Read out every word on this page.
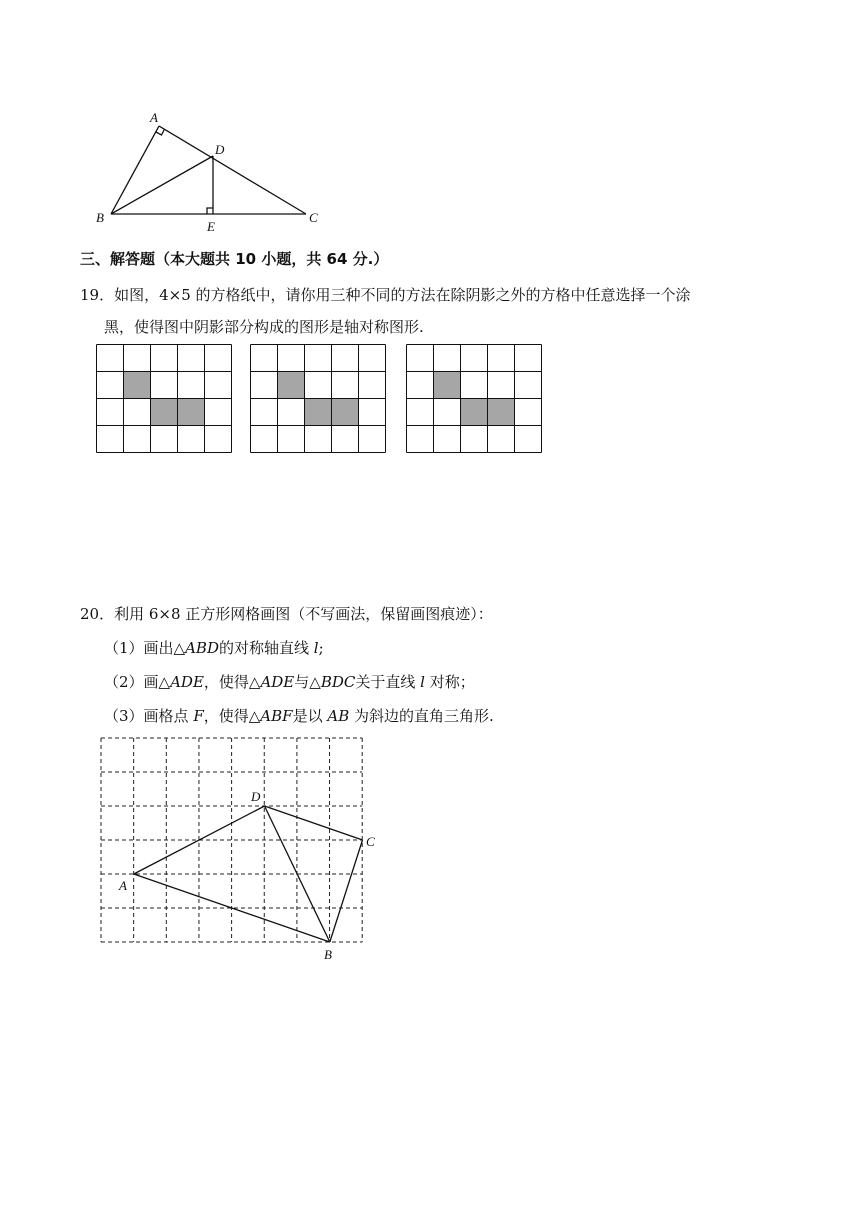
A
B	C
D
E
三、解答题（本大题共 10 小题，共 64 分.）
19．如图，4×5 的方格纸中，请你用三种不同的方法在除阴影之外的方格中任意选择一个涂
黑，使得图中阴影部分构成的图形是轴对称图形.
20．利用 6×8 正方形网格画图（不写画法，保留画图痕迹）：
（1）画出△ABD的对称轴直线 l;
（2）画△ADE，使得△ADE与△BDC关于直线 l 对称；
（3）画格点 F，使得△ABF是以 AB 为斜边的直角三角形.
A
D
C
B
